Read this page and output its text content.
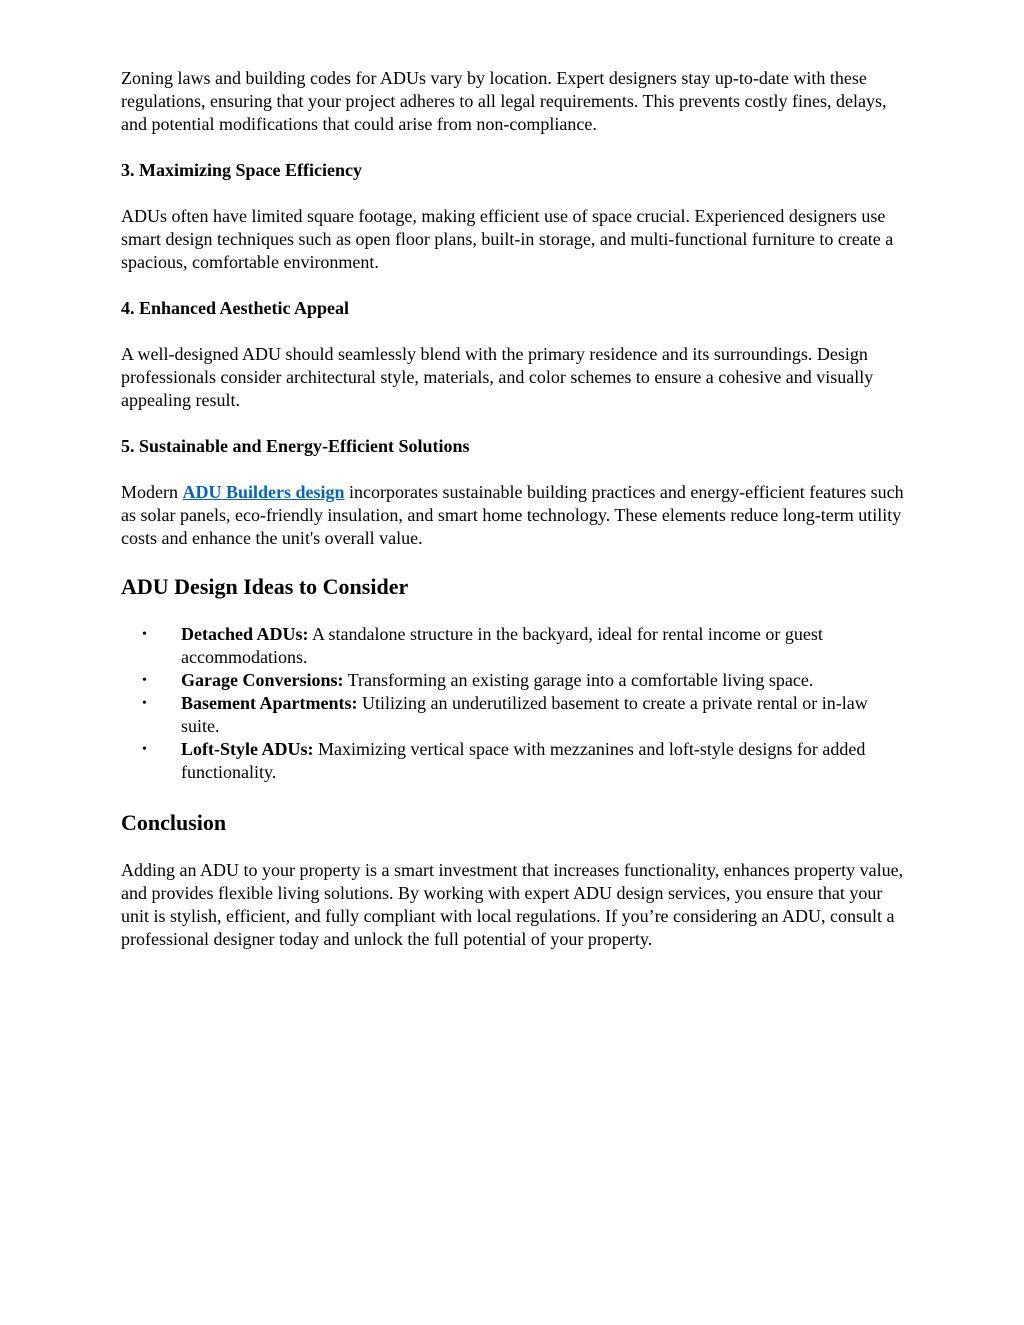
Zoning laws and building codes for ADUs vary by location. Expert designers stay up-to-date with these regulations, ensuring that your project adheres to all legal requirements. This prevents costly fines, delays, and potential modifications that could arise from non-compliance.

3. Maximizing Space Efficiency

ADUs often have limited square footage, making efficient use of space crucial. Experienced designers use smart design techniques such as open floor plans, built-in storage, and multi-functional furniture to create a spacious, comfortable environment.

4. Enhanced Aesthetic Appeal

A well-designed ADU should seamlessly blend with the primary residence and its surroundings. Design professionals consider architectural style, materials, and color schemes to ensure a cohesive and visually appealing result.

5. Sustainable and Energy-Efficient Solutions

Modern ADU Builders design incorporates sustainable building practices and energy-efficient features such as solar panels, eco-friendly insulation, and smart home technology. These elements reduce long-term utility costs and enhance the unit's overall value.

ADU Design Ideas to Consider
• Detached ADUs: A standalone structure in the backyard, ideal for rental income or guest accommodations.
• Garage Conversions: Transforming an existing garage into a comfortable living space.
• Basement Apartments: Utilizing an underutilized basement to create a private rental or in-law suite.
• Loft-Style ADUs: Maximizing vertical space with mezzanines and loft-style designs for added functionality.
Conclusion

Adding an ADU to your property is a smart investment that increases functionality, enhances property value, and provides flexible living solutions. By working with expert ADU design services, you ensure that your unit is stylish, efficient, and fully compliant with local regulations. If you’re considering an ADU, consult a professional designer today and unlock the full potential of your property.
